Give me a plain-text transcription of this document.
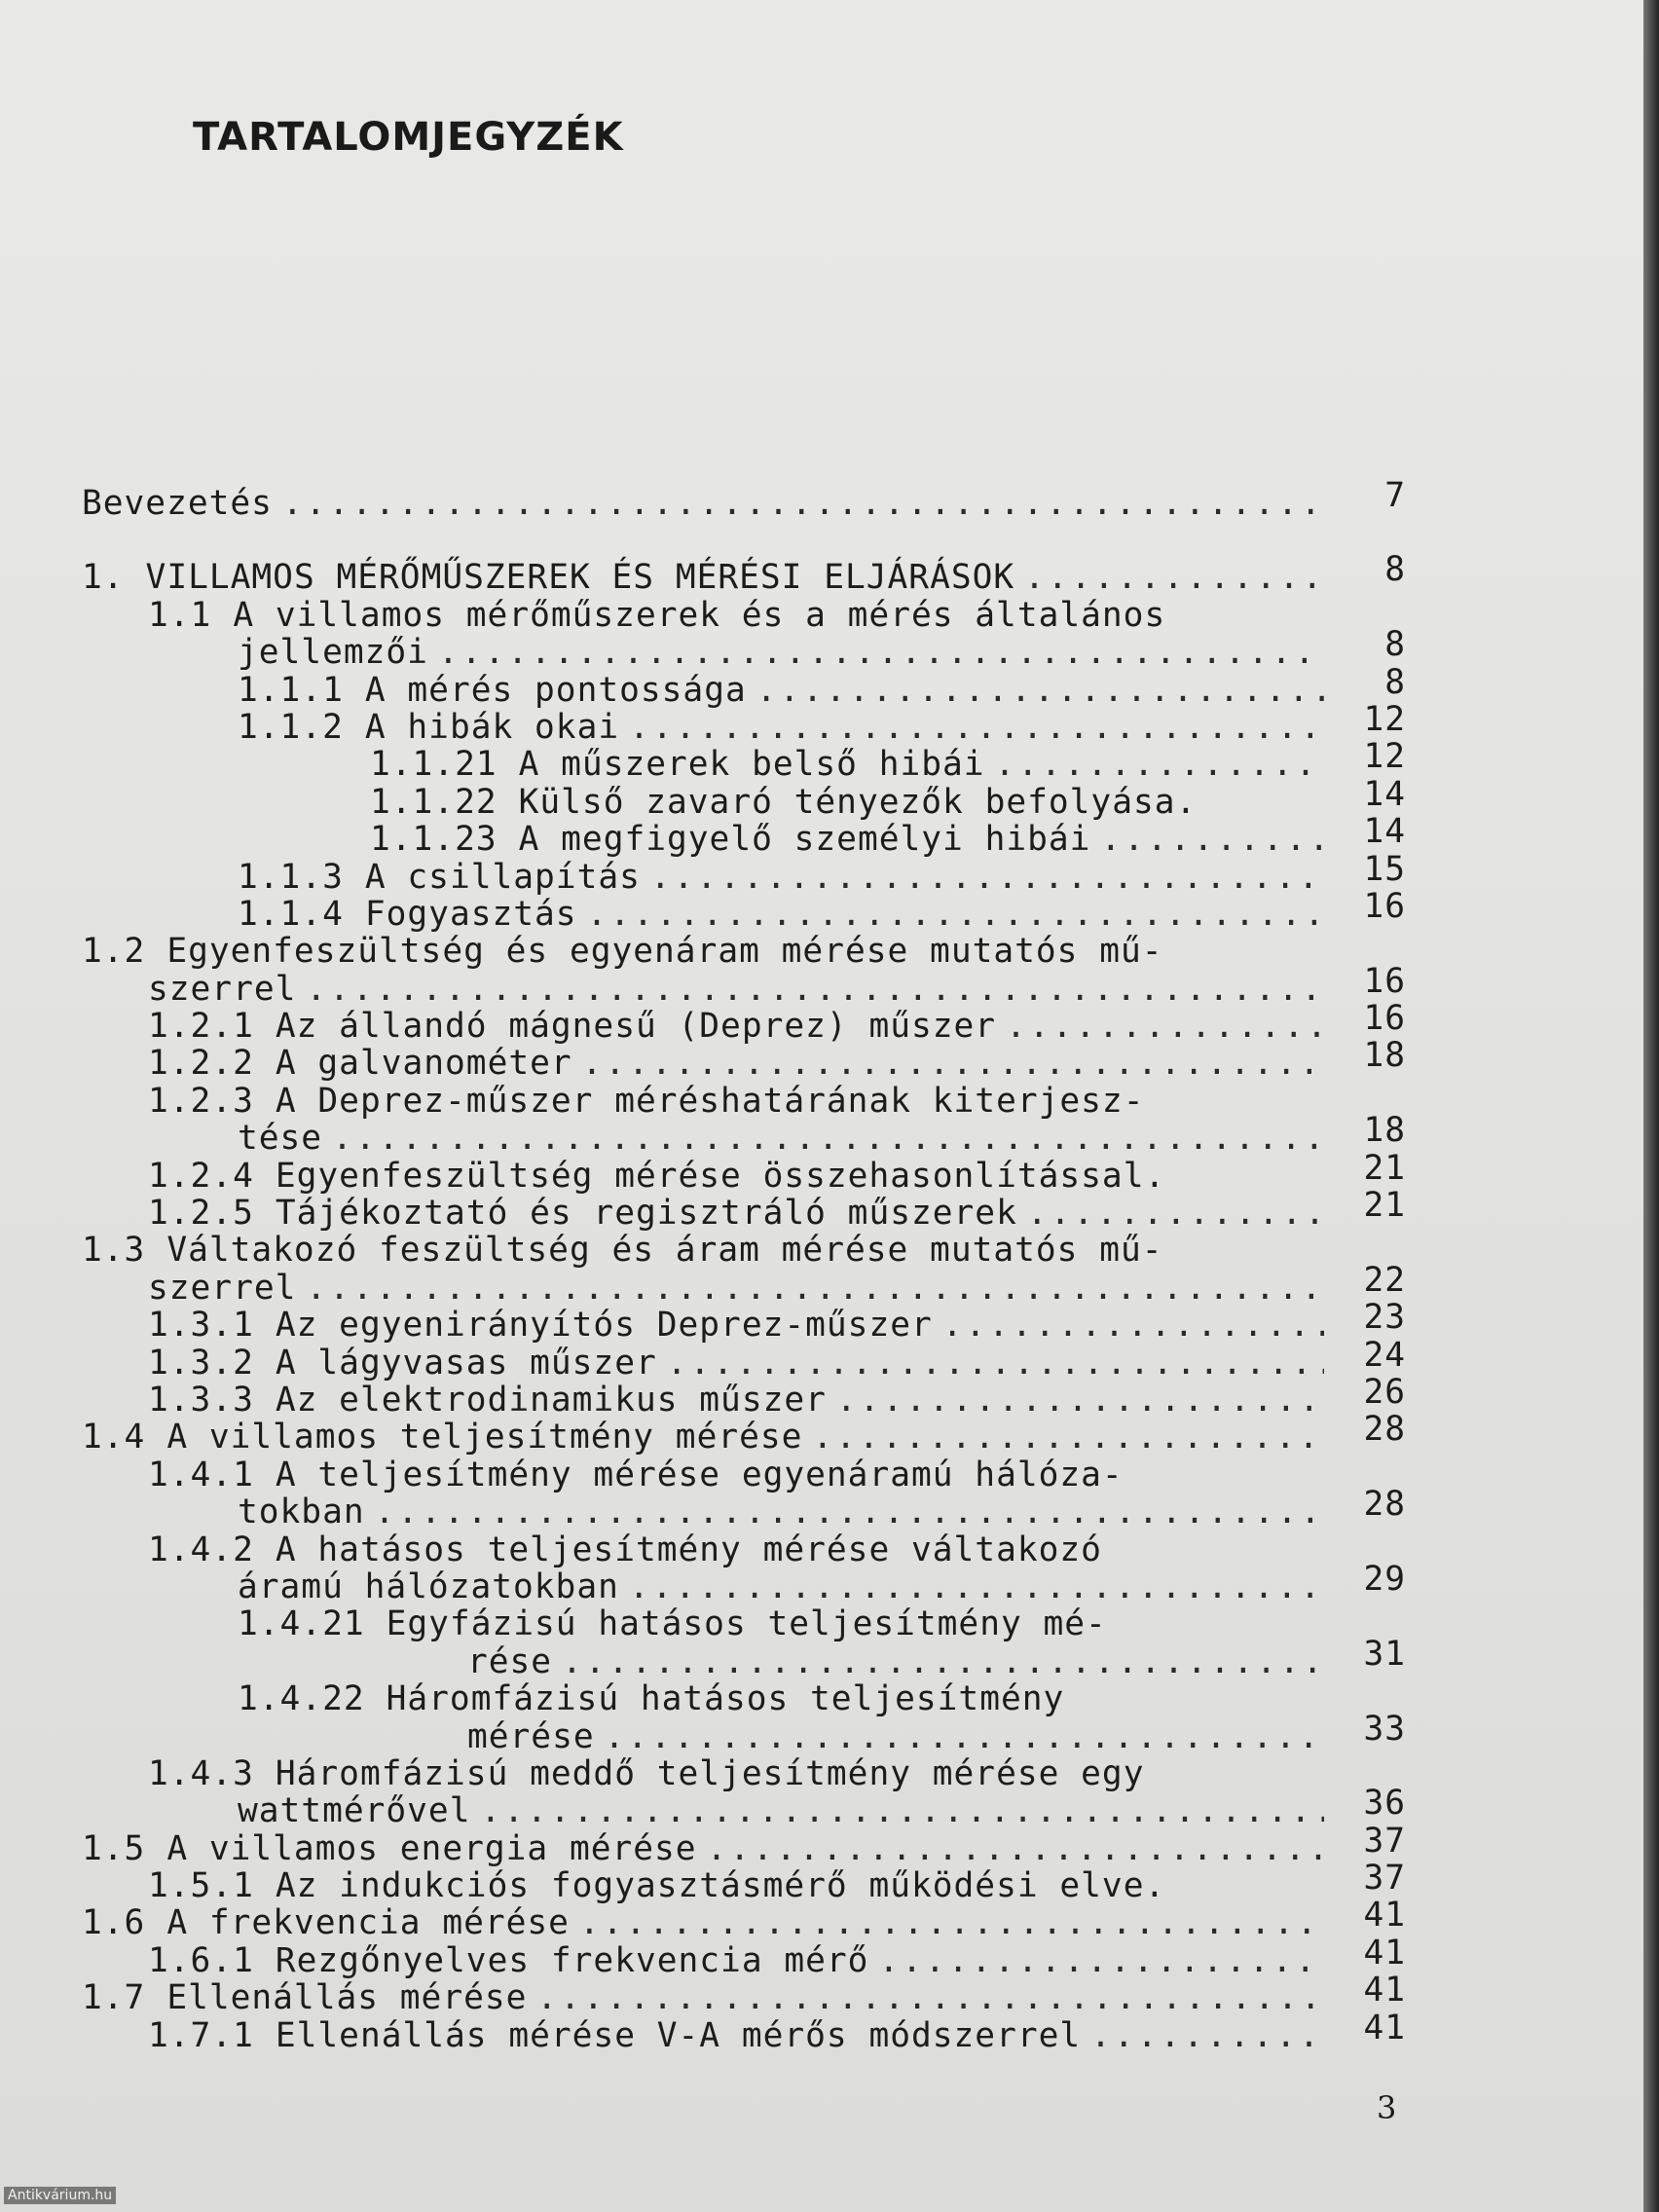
TARTALOMJEGYZÉK
Bevezetés .....	7
1. VILLAMOS MÉRŐMŰSZEREK ÉS MÉRÉSI ELJÁRÁSOK .....	8
1.1 A villamos mérőműszerek és a mérés általános
jellemzői .....	8
1.1.1 A mérés pontossága .....	8
1.1.2 A hibák okai .....	12
1.1.21 A műszerek belső hibái .....	12
1.1.22 Külső zavaró tényezők befolyása.	14
1.1.23 A megfigyelő személyi hibái .....	14
1.1.3 A csillapítás .....	15
1.1.4 Fogyasztás .....	16
1.2 Egyenfeszültség és egyenáram mérése mutatós mű-
szerrel .....	16
1.2.1 Az állandó mágnesű (Deprez) műszer .....	16
1.2.2 A galvanométer .....	18
1.2.3 A Deprez-műszer méréshatárának kiterjesz-
tése .....	18
1.2.4 Egyenfeszültség mérése összehasonlítással.	21
1.2.5 Tájékoztató és regisztráló műszerek .....	21
1.3 Váltakozó feszültség és áram mérése mutatós mű-
szerrel .....	22
1.3.1 Az egyenirányítós Deprez-műszer .....	23
1.3.2 A lágyvasas műszer .....	24
1.3.3 Az elektrodinamikus műszer .....	26
1.4 A villamos teljesítmény mérése .....	28
1.4.1 A teljesítmény mérése egyenáramú hálóza-
tokban .....	28
1.4.2 A hatásos teljesítmény mérése váltakozó
áramú hálózatokban .....	29
1.4.21 Egyfázisú hatásos teljesítmény mé-
rése .....	31
1.4.22 Háromfázisú hatásos teljesítmény
mérése .....	33
1.4.3 Háromfázisú meddő teljesítmény mérése egy
wattmérővel .....	36
1.5 A villamos energia mérése .....	37
1.5.1 Az indukciós fogyasztásmérő működési elve.	37
1.6 A frekvencia mérése .....	41
1.6.1 Rezgőnyelves frekvencia mérő .....	41
1.7 Ellenállás mérése .....	41
1.7.1 Ellenállás mérése V-A mérős módszerrel .....	41
3
Antikvárium.hu
